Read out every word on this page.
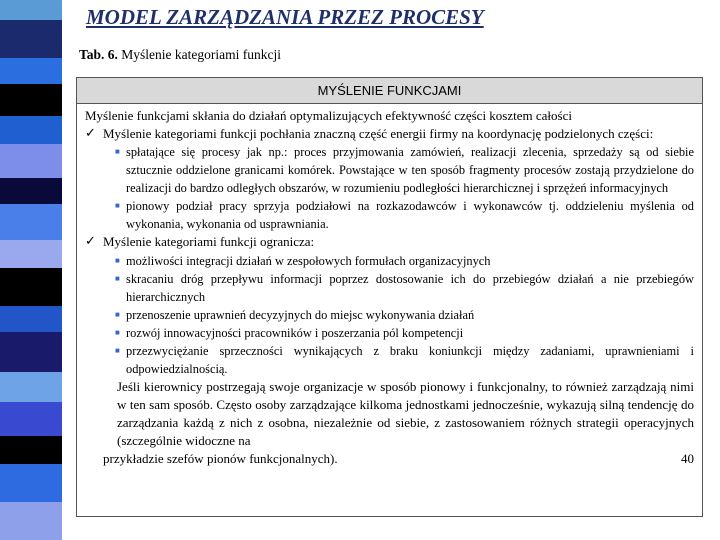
MODEL ZARZĄDZANIA PRZEZ PROCESY
Tab. 6. Myślenie kategoriami funkcji
MYŚLENIE FUNKCJAMI

Myślenie funkcjami skłania do działań optymalizujących efektywność części kosztem całości

✓ Myślenie kategoriami funkcji pochłania znaczną część energii firmy na koordynację podzielonych części:
■ spłatające się procesy jak np.: proces przyjmowania zamówień, realizacji zlecenia, sprzedaży są od siebie sztucznie oddzielone granicami komórek. Powstające w ten sposób fragmenty procesów zostają przydzielone do realizacji do bardzo odległych obszarów, w rozumieniu podległości hierarchicznej i sprzężeń informacyjnych
■ pionowy podział pracy sprzyja podziałowi na rozkazodawców i wykonawców tj. oddzieleniu myślenia od wykonania, wykonania od usprawniania.
✓ Myślenie kategoriami funkcji ogranicza:
■ możliwości integracji działań w zespołowych formułach organizacyjnych
■ skracaniu dróg przepływu informacji poprzez dostosowanie ich do przebiegów działań a nie przebiegów hierarchicznych
■ przenoszenie uprawnień decyzyjnych do miejsc wykonywania działań
■ rozwój innowacyjności pracowników i poszerzania pól kompetencji
■ przezwyciężanie sprzeczności wynikających z braku koniunkcji między zadaniami, uprawnieniami i odpowiedzialnością.

Jeśli kierownicy postrzegają swoje organizacje w sposób pionowy i funkcjonalny, to również zarządzają nimi w ten sam sposób. Często osoby zarządzające kilkoma jednostkami jednocześnie, wykazują silną tendencję do zarządzania każdą z nich z osobna, niezależnie od siebie, z zastosowaniem różnych strategii operacyjnych (szczególnie widoczne na

przykładzie szefów pionów funkcjonalnych).	40
